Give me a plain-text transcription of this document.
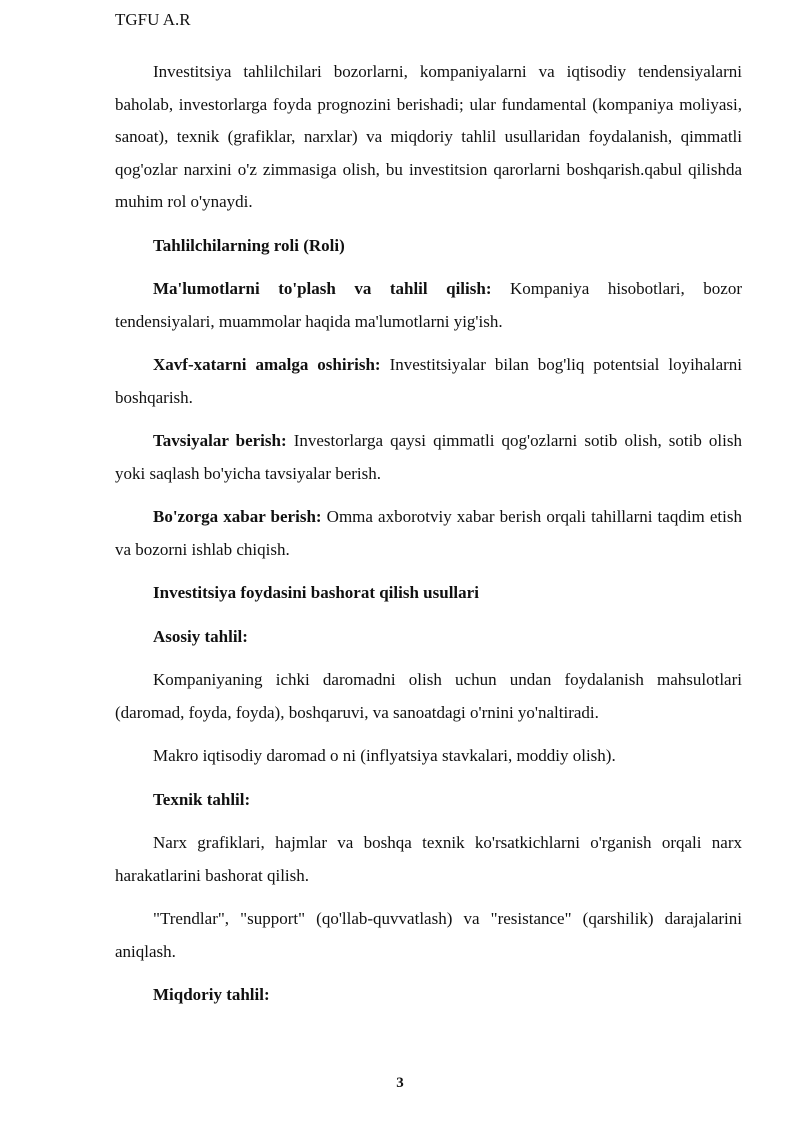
TGFU A.R

Investitsiya tahlilchilari bozorlarni, kompaniyalarni va iqtisodiy tendensiyalarni baholab, investorlarga foyda prognozini berishadi; ular fundamental (kompaniya moliyasi, sanoat), texnik (grafiklar, narxlar) va miqdoriy tahlil usullaridan foydalanish, qimmatli qog'ozlar narxini o'z zimmasiga olish, bu investitsion qarorlarni boshqarish.qabul qilishda muhim rol o'ynaydi.

Tahlilchilarning roli (Roli)

Ma'lumotlarni to'plash va tahlil qilish: Kompaniya hisobotlari, bozor tendensiyalari, muammolar haqida ma'lumotlarni yig'ish.

Xavf-xatarni amalga oshirish: Investitsiyalar bilan bog'liq potentsial loyihalarni boshqarish.

Tavsiyalar berish: Investorlarga qaysi qimmatli qog'ozlarni sotib olish, sotib olish yoki saqlash bo'yicha tavsiyalar berish.

Bo'zorga xabar berish: Omma axborotviy xabar berish orqali tahillarni taqdim etish va bozorni ishlab chiqish.

Investitsiya foydasini bashorat qilish usullari

Asosiy tahlil:

Kompaniyaning ichki daromadni olish uchun undan foydalanish mahsulotlari (daromad, foyda, foyda), boshqaruvi, va sanoatdagi o'rnini yo'naltiradi.

Makro iqtisodiy daromad o ni (inflyatsiya stavkalari, moddiy olish).

Texnik tahlil:

Narx grafiklari, hajmlar va boshqa texnik ko'rsatkichlarni o'rganish orqali narx harakatlarini bashorat qilish.

"Trendlar", "support" (qo'llab-quvvatlash) va "resistance" (qarshilik) darajalarini aniqlash.

Miqdoriy tahlil:

3
